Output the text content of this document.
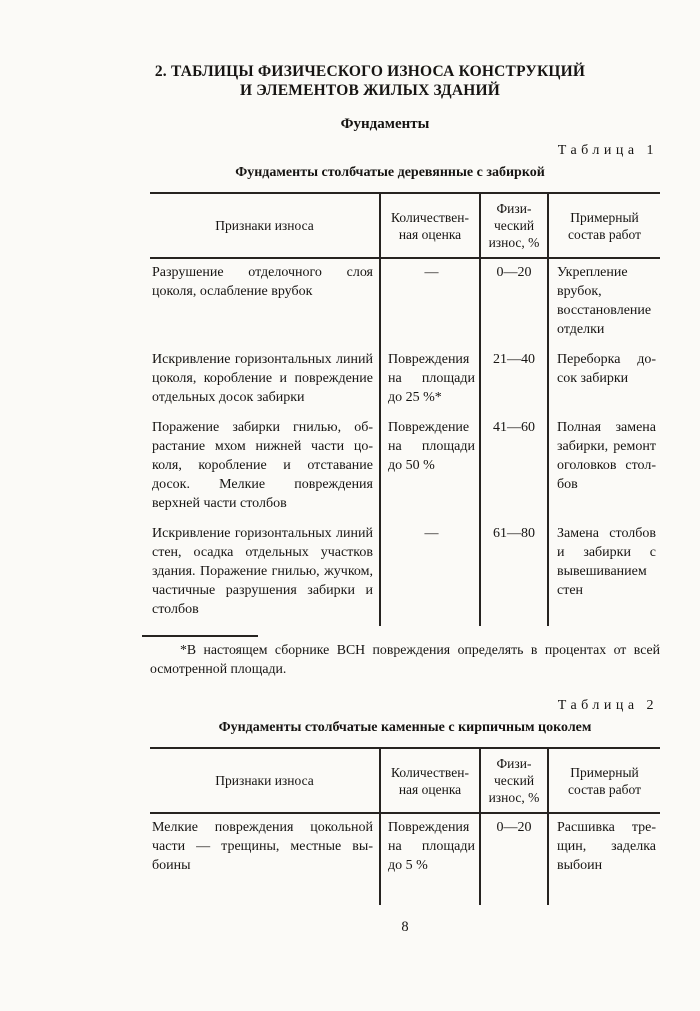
2. ТАБЛИЦЫ ФИЗИЧЕСКОГО ИЗНОСА КОНСТРУКЦИЙ
И ЭЛЕМЕНТОВ ЖИЛЫХ ЗДАНИЙ
Фундаменты
Таблица 1
Фундаменты столбчатые деревянные с забиркой
Признаки износа	Количественная оценка	Физический износ, %	Примерный состав работ
Разрушение отделочного слоя цоколя, ослабление врубок	—	0—20	Укрепление врубок, восстановление отделки
Искривление горизонтальных линий цоколя, коробление и повреждение отдельных досок забирки	Повреждения на площади до 25 %*	21—40	Переборка досок забирки
Поражение забирки гнилью, обрастание мхом нижней части цоколя, коробление и отставание досок. Мелкие повреждения верхней части столбов	Повреждение на площади до 50 %	41—60	Полная замена забирки, ремонт оголовков столбов
Искривление горизонтальных линий стен, осадка отдельных участков здания. Поражение гнилью, жучком, частичные разрушения забирки и столбов	—	61—80	Замена столбов и забирки с вывешиванием стен
*В настоящем сборнике ВСН повреждения определять в процентах от всей осмотренной площади.
Таблица 2
Фундаменты столбчатые каменные с кирпичным цоколем
Признаки износа	Количественная оценка	Физический износ, %	Примерный состав работ
Мелкие повреждения цокольной части — трещины, местные выбоины	Повреждения на площади до 5 %	0—20	Расшивка трещин, заделка выбоин
8
